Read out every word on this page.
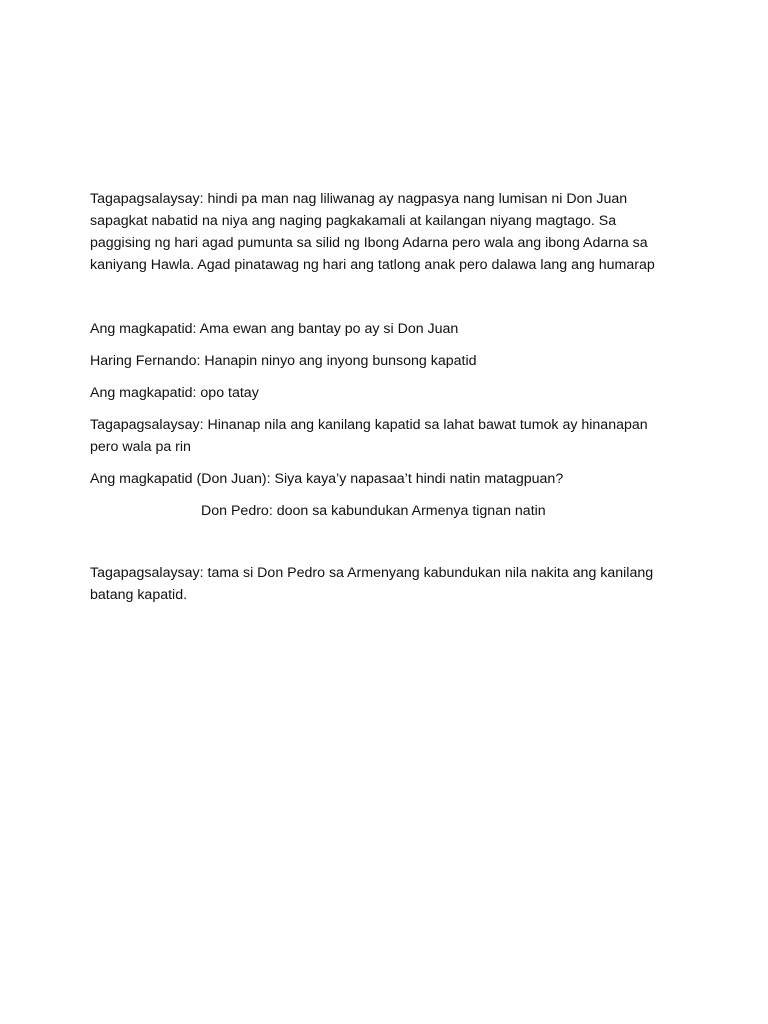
Tagapagsalaysay: hindi pa man nag liliwanag ay nagpasya nang lumisan ni Don Juan sapagkat nabatid na niya ang naging pagkakamali at kailangan niyang magtago. Sa paggising ng hari agad pumunta sa silid ng Ibong Adarna pero wala ang ibong Adarna sa kaniyang Hawla. Agad pinatawag ng hari ang tatlong anak pero dalawa lang ang humarap

Ang magkapatid: Ama ewan ang bantay po ay si Don Juan

Haring Fernando: Hanapin ninyo ang inyong bunsong kapatid

Ang magkapatid: opo tatay

Tagapagsalaysay: Hinanap nila ang kanilang kapatid sa lahat bawat tumok ay hinanapan pero wala pa rin

Ang magkapatid (Don Juan): Siya kaya’y napasaa’t hindi natin matagpuan?

Don Pedro: doon sa kabundukan Armenya tignan natin

Tagapagsalaysay: tama si Don Pedro sa Armenyang kabundukan nila nakita ang kanilang batang kapatid.
